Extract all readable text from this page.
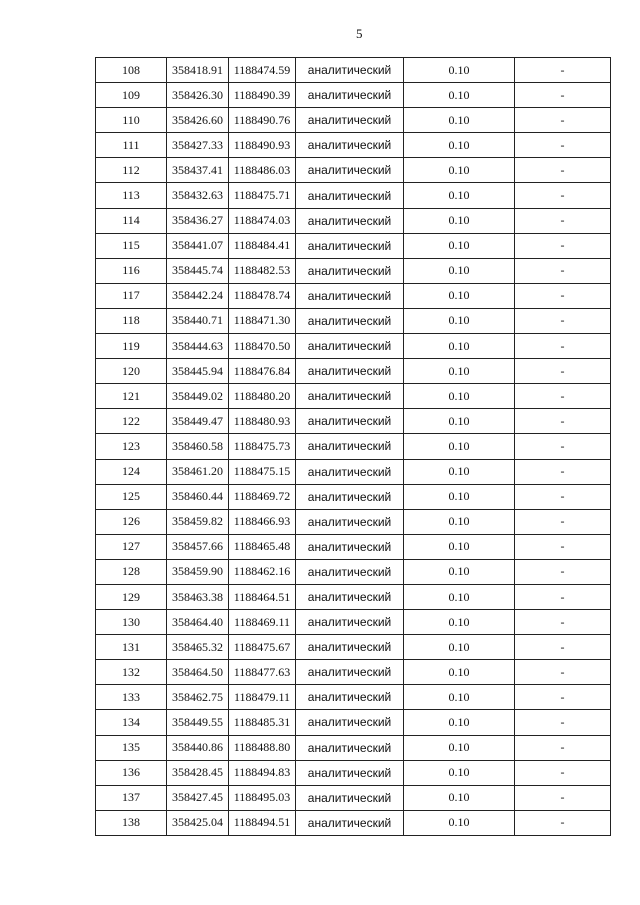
5
108	358418.91	1188474.59	аналитический	0.10	-
109	358426.30	1188490.39	аналитический	0.10	-
110	358426.60	1188490.76	аналитический	0.10	-
111	358427.33	1188490.93	аналитический	0.10	-
112	358437.41	1188486.03	аналитический	0.10	-
113	358432.63	1188475.71	аналитический	0.10	-
114	358436.27	1188474.03	аналитический	0.10	-
115	358441.07	1188484.41	аналитический	0.10	-
116	358445.74	1188482.53	аналитический	0.10	-
117	358442.24	1188478.74	аналитический	0.10	-
118	358440.71	1188471.30	аналитический	0.10	-
119	358444.63	1188470.50	аналитический	0.10	-
120	358445.94	1188476.84	аналитический	0.10	-
121	358449.02	1188480.20	аналитический	0.10	-
122	358449.47	1188480.93	аналитический	0.10	-
123	358460.58	1188475.73	аналитический	0.10	-
124	358461.20	1188475.15	аналитический	0.10	-
125	358460.44	1188469.72	аналитический	0.10	-
126	358459.82	1188466.93	аналитический	0.10	-
127	358457.66	1188465.48	аналитический	0.10	-
128	358459.90	1188462.16	аналитический	0.10	-
129	358463.38	1188464.51	аналитический	0.10	-
130	358464.40	1188469.11	аналитический	0.10	-
131	358465.32	1188475.67	аналитический	0.10	-
132	358464.50	1188477.63	аналитический	0.10	-
133	358462.75	1188479.11	аналитический	0.10	-
134	358449.55	1188485.31	аналитический	0.10	-
135	358440.86	1188488.80	аналитический	0.10	-
136	358428.45	1188494.83	аналитический	0.10	-
137	358427.45	1188495.03	аналитический	0.10	-
138	358425.04	1188494.51	аналитический	0.10	-
